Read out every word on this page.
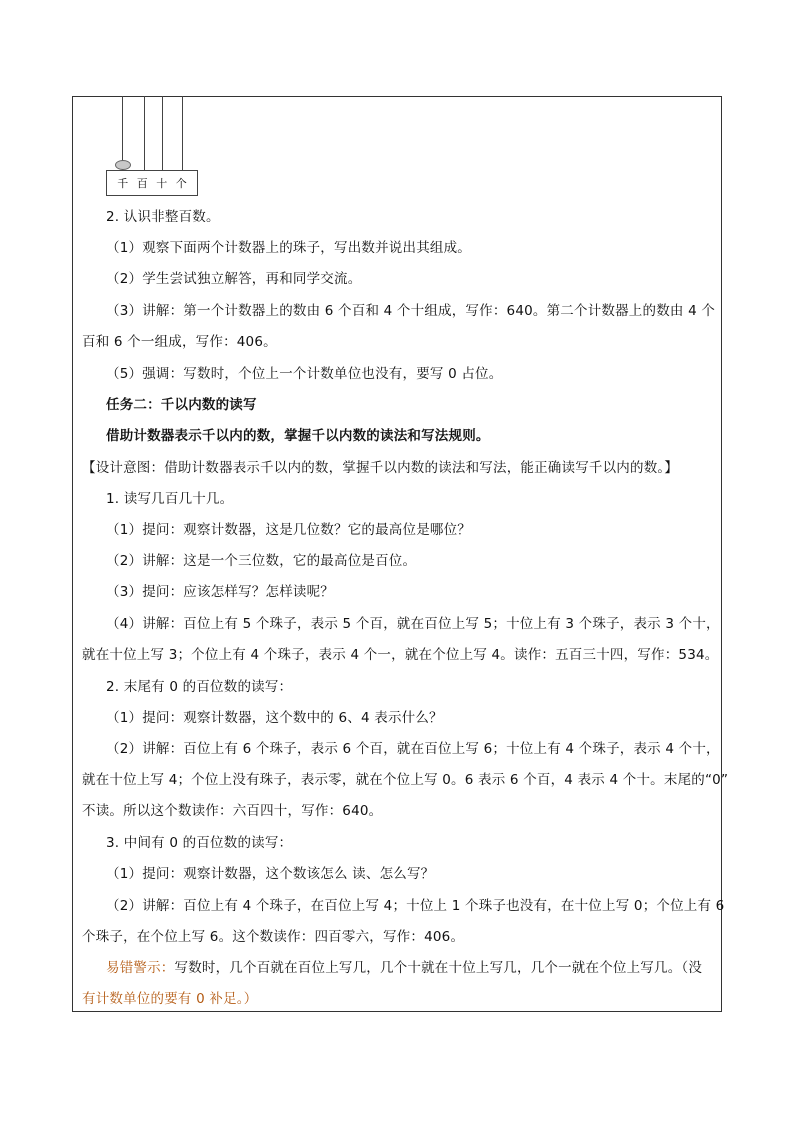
千 百 十 个
2. 认识非整百数。
（1）观察下面两个计数器上的珠子，写出数并说出其组成。
（2）学生尝试独立解答，再和同学交流。
（3）讲解：第一个计数器上的数由 6 个百和 4 个十组成，写作：640。第二个计数器上的数由 4 个
百和 6 个一组成，写作：406。
（5）强调：写数时，个位上一个计数单位也没有，要写 0 占位。
任务二：千以内数的读写
借助计数器表示千以内的数，掌握千以内数的读法和写法规则。
【设计意图：借助计数器表示千以内的数，掌握千以内数的读法和写法，能正确读写千以内的数。】
1. 读写几百几十几。
（1）提问：观察计数器，这是几位数？它的最高位是哪位？
（2）讲解：这是一个三位数，它的最高位是百位。
（3）提问：应该怎样写？怎样读呢？
（4）讲解：百位上有 5 个珠子，表示 5 个百，就在百位上写 5；十位上有 3 个珠子，表示 3 个十，
就在十位上写 3；个位上有 4 个珠子，表示 4 个一，就在个位上写 4。读作：五百三十四，写作：534。
2. 末尾有 0 的百位数的读写：
（1）提问：观察计数器，这个数中的 6、4 表示什么？
（2）讲解：百位上有 6 个珠子，表示 6 个百，就在百位上写 6；十位上有 4 个珠子，表示 4 个十，
就在十位上写 4；个位上没有珠子，表示零，就在个位上写 0。6 表示 6 个百，4 表示 4 个十。末尾的“0”
不读。所以这个数读作：六百四十，写作：640。
3. 中间有 0 的百位数的读写：
（1）提问：观察计数器，这个数该怎么 读、怎么写？
（2）讲解：百位上有 4 个珠子，在百位上写 4；十位上 1 个珠子也没有，在十位上写 0；个位上有 6
个珠子，在个位上写 6。这个数读作：四百零六，写作：406。
易错警示：写数时，几个百就在百位上写几，几个十就在十位上写几，几个一就在个位上写几。（没
有计数单位的要有 0 补足。）
